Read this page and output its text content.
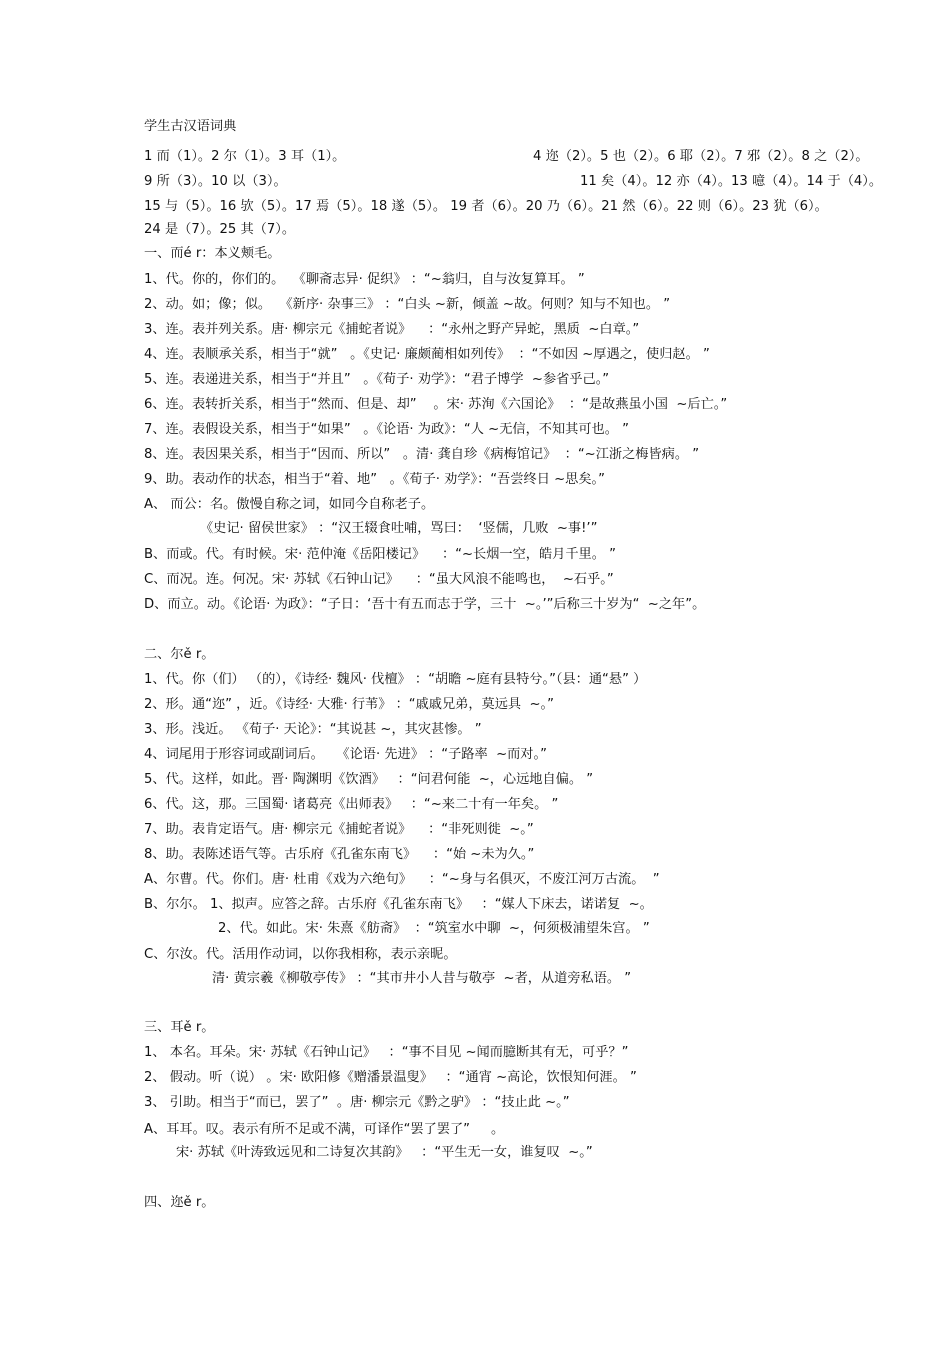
学生古汉语词典
1 而（1）。2 尔（1）。3 耳（1）。	4 迩（2）。5 也（2）。6 耶（2）。7 邪（2）。8 之（2）。
9 所（3）。10 以（3）。	11 矣（4）。12 亦（4）。13 噫（4）。14 于（4）。
15 与（5）。16 欤（5）。17 焉（5）。18 遂（5）。 19 者（6）。20 乃（6）。21 然（6）。22 则（6）。23 犹（6）。
24 是（7）。25 其（7）。
一、而é r：本义颊毛。
1、代。你的，你们的。  《聊斋志异· 促织》 ：“~翁归，自与汝复算耳。 ”
2、动。如；像；似。  《新序· 杂事三》 ：“白头 ~新，倾盖 ~故。何则？知与不知也。 ”
3、连。表并列关系。唐· 柳宗元《捕蛇者说》    ：“永州之野产异蛇，黑质  ~白章。”
4、连。表顺承关系，相当于“就”   。《史记· 廉颇蔺相如列传》  ：“不如因 ~厚遇之，使归赵。 ”
5、连。表递进关系，相当于“并且”   。《荀子· 劝学》：“君子博学  ~参省乎己。”
6、连。表转折关系，相当于“然而、但是、却”    。宋· 苏洵《六国论》  ：“是故燕虽小国  ~后亡。”
7、连。表假设关系，相当于“如果”   。《论语· 为政》：“人 ~无信，不知其可也。 ”
8、连。表因果关系，相当于“因而、所以”   。清· 龚自珍《病梅馆记》  ：“~江浙之梅皆病。 ”
9、助。表动作的状态，相当于“着、地”   。《荀子· 劝学》：“吾尝终日 ~思矣。”
A、 而公：名。傲慢自称之词，如同今自称老子。
《史记· 留侯世家》 ：“汉王辍食吐哺，骂曰：  ‘竖儒，几败  ~事!’”
B、而或。代。有时候。宋· 范仲淹《岳阳楼记》    ：“~长烟一空，皓月千里。 ”
C、而况。连。何况。宋· 苏轼《石钟山记》    ：“虽大风浪不能鸣也，  ~石乎。”
D、而立。动。《论语· 为政》：“子日：‘吾十有五而志于学，三十  ~。’”后称三十岁为“  ~之年”。
二、尔ě r。
1、代。你（们） （的），《诗经· 魏风· 伐檀》 ：“胡瞻 ~庭有县特兮。”（县：通“悬” ）
2、形。通“迩” ，近。《诗经· 大雅· 行苇》 ：“戚戚兄弟，莫远具  ~。”
3、形。浅近。 《荀子· 天论》：“其说甚 ~，其灾甚惨。 ”
4、词尾用于形容词或副词后。   《论语· 先进》 ：“子路率  ~而对。”
5、代。这样，如此。晋· 陶渊明《饮酒》   ：“问君何能  ~，心远地自偏。 ”
6、代。这，那。三国蜀· 诸葛亮《出师表》   ：“~来二十有一年矣。 ”
7、助。表肯定语气。唐· 柳宗元《捕蛇者说》    ：“非死则徙  ~。”
8、助。表陈述语气等。古乐府《孔雀东南飞》    ：“始 ~未为久。”
A、尔曹。代。你们。唐· 杜甫《戏为六绝句》    ：“~身与名俱灭，不废江河万古流。  ”
B、尔尔。 1、拟声。应答之辞。古乐府《孔雀东南飞》   ：“媒人下床去，诺诺复  ~。
2、代。如此。宋· 朱熹《舫斋》  ：“筑室水中聊  ~，何须极浦望朱宫。 ”
C、尔汝。代。活用作动词，以你我相称，表示亲昵。
清· 黄宗羲《柳敬亭传》 ：“其市井小人昔与敬亭  ~者，从道旁私语。 ”
三、耳ě r。
1、 本名。耳朵。宋· 苏轼《石钟山记》   ：“事不目见 ~闻而臆断其有无，可乎？”
2、 假动。听（说） 。宋· 欧阳修《赠潘景温叟》   ：“通宵 ~高论，饮恨知何涯。 ”
3、 引助。相当于“而已，罢了”  。唐· 柳宗元《黔之驴》 ：“技止此 ~。”
A、耳耳。叹。表示有所不足或不满，可译作“罢了罢了”     。
宋· 苏轼《叶涛致远见和二诗复次其韵》   ：“平生无一女，谁复叹  ~。”
四、迩ě r。
